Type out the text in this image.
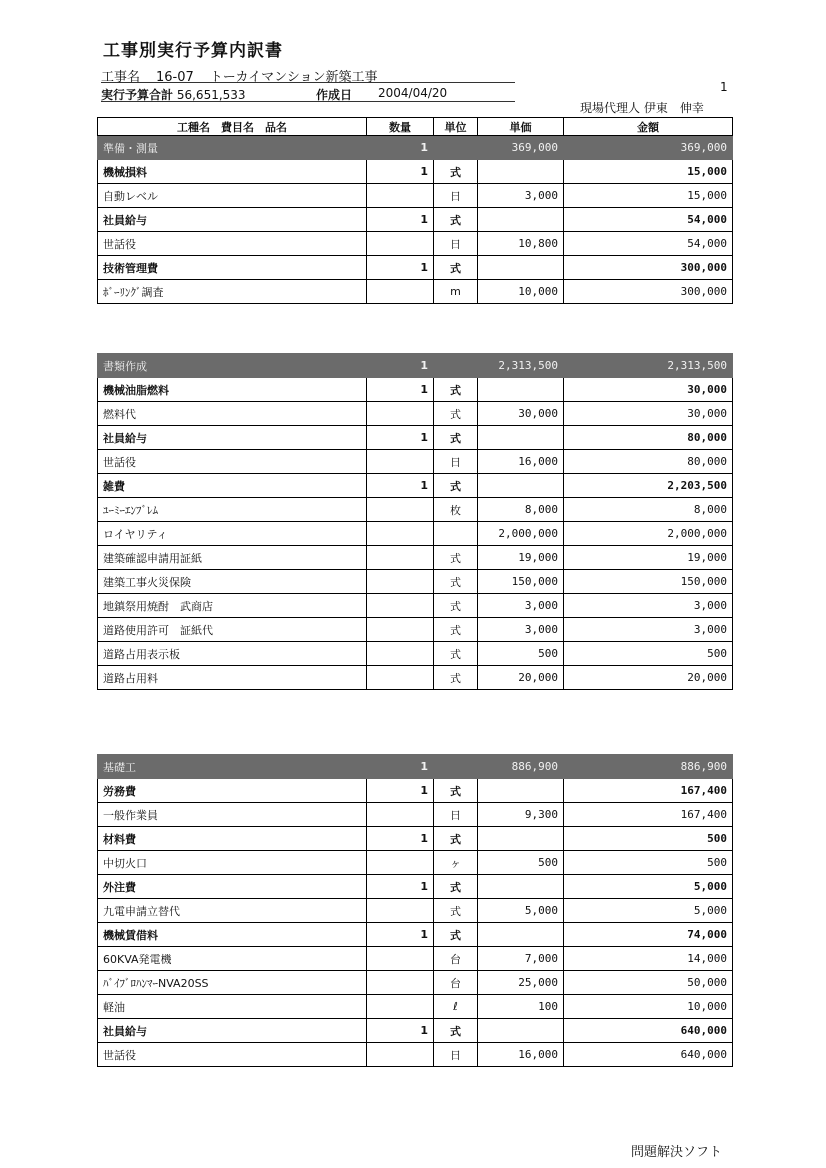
工事別実行予算内訳書
工事名 16-07 トーカイマンション新築工事
実行予算合計 56,651,533	作成日 2004/04/20	1
現場代理人 伊東　伸幸
工種名　費目名　品名	数量	単位	単価	金額
準備・測量	1		369,000	369,000
機械損料	1	式		15,000
自動レベル		日	3,000	15,000
社員給与	1	式		54,000
世話役		日	10,800	54,000
技術管理費	1	式		300,000
ﾎﾞｰﾘﾝｸﾞ調査		m	10,000	300,000
書類作成	1		2,313,500	2,313,500
機械油脂燃料	1	式		30,000
燃料代		式	30,000	30,000
社員給与	1	式		80,000
世話役		日	16,000	80,000
雑費	1	式		2,203,500
ﾕｰﾐｰｴﾝﾌﾞﾚﾑ		枚	8,000	8,000
ロイヤリティ			2,000,000	2,000,000
建築確認申請用証紙		式	19,000	19,000
建築工事火災保険		式	150,000	150,000
地鎮祭用焼酎　武商店		式	3,000	3,000
道路使用許可　証紙代		式	3,000	3,000
道路占用表示板		式	500	500
道路占用料		式	20,000	20,000
基礎工	1		886,900	886,900
労務費	1	式		167,400
一般作業員		日	9,300	167,400
材料費	1	式		500
中切火口		ヶ	500	500
外注費	1	式		5,000
九電申請立替代		式	5,000	5,000
機械賃借料	1	式		74,000
60KVA発電機		台	7,000	14,000
ﾊﾞｲﾌﾞﾛﾊﾝﾏｰNVA20SS		台	25,000	50,000
軽油		ℓ	100	10,000
社員給与	1	式		640,000
世話役		日	16,000	640,000
問題解決ソフト
